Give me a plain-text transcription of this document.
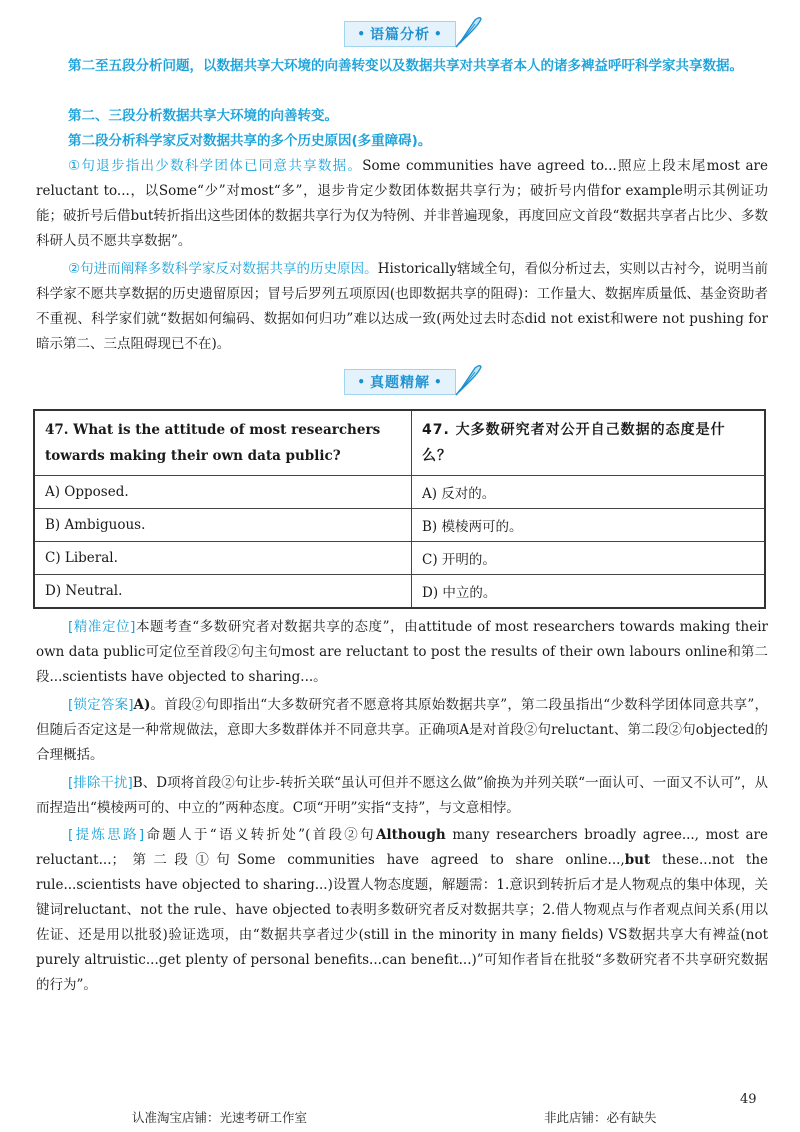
• 语篇分析 •

第二至五段分析问题，以数据共享大环境的向善转变以及数据共享对共享者本人的诸多裨益呼吁科学家共享数据。

第二、三段分析数据共享大环境的向善转变。

第二段分析科学家反对数据共享的多个历史原因(多重障碍)。

①句退步指出少数科学团体已同意共享数据。Some communities have agreed to...照应上段末尾most are reluctant to...，以Some“少”对most“多”，退步肯定少数团体数据共享行为；破折号内借for example明示其例证功能；破折号后借but转折指出这些团体的数据共享行为仅为特例、并非普遍现象，再度回应文首段“数据共享者占比少、多数科研人员不愿共享数据”。

②句进而阐释多数科学家反对数据共享的历史原因。Historically辖域全句，看似分析过去，实则以古衬今，说明当前科学家不愿共享数据的历史遗留原因；冒号后罗列五项原因(也即数据共享的阻碍)：工作量大、数据库质量低、基金资助者不重视、科学家们就“数据如何编码、数据如何归功”难以达成一致(两处过去时态did not exist和were not pushing for暗示第二、三点阻碍现已不在)。

• 真题精解 •
47. What is the attitude of most researchers towards making their own data public?	47. 大多数研究者对公开自己数据的态度是什么？
A) Opposed.	A) 反对的。
B) Ambiguous.	B) 模棱两可的。
C) Liberal.	C) 开明的。
D) Neutral.	D) 中立的。

[精准定位]本题考查“多数研究者对数据共享的态度”，由attitude of most researchers towards making their own data public可定位至首段②句主句most are reluctant to post the results of their own labours online和第二段...scientists have objected to sharing...。

[锁定答案]A)。首段②句即指出“大多数研究者不愿意将其原始数据共享”，第二段虽指出“少数科学团体同意共享”，但随后否定这是一种常规做法，意即大多数群体并不同意共享。正确项A是对首段②句reluctant、第二段②句objected的合理概括。

[排除干扰]B、D项将首段②句让步-转折关联“虽认可但并不愿这么做”偷换为并列关联“一面认可、一面又不认可”，从而捏造出“模棱两可的、中立的”两种态度。C项“开明”实指“支持”，与文意相悖。

[提炼思路]命题人于“语义转折处”(首段②句Although many researchers broadly agree..., most are reluctant...；第二段①句Some communities have agreed to share online...,but these...not the rule...scientists have objected to sharing...)设置人物态度题，解题需：1.意识到转折后才是人物观点的集中体现，关键词reluctant、not the rule、have objected to表明多数研究者反对数据共享；2.借人物观点与作者观点间关系(用以佐证、还是用以批驳)验证选项，由“数据共享者过少(still in the minority in many fields) VS数据共享大有裨益(not purely altruistic...get plenty of personal benefits...can benefit...)”可知作者旨在批驳“多数研究者不共享研究数据的行为”。

认准淘宝店铺：光速考研工作室	非此店铺：必有缺失
49
